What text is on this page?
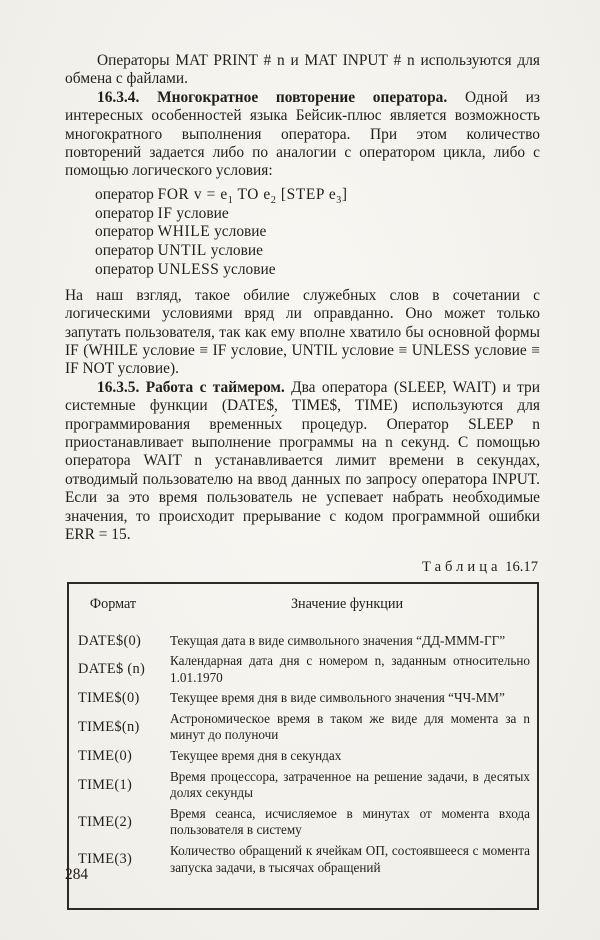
Операторы MAT PRINT # n и MAT INPUT # n используются для обмена с файлами.

16.3.4. Многократное повторение оператора. Одной из интересных особенностей языка Бейсик-плюс является возможность многократного выполнения оператора. При этом количество повторений задается либо по аналогии с оператором цикла, либо с помощью логического условия:

оператор FOR $v = e_1$ TO $e_2$ [STEP $e_3$]
оператор IF условие
оператор WHILE условие
оператор UNTIL условие
оператор UNLESS условие

На наш взгляд, такое обилие служебных слов в сочетании с логическими условиями вряд ли оправданно. Оно может только запутать пользователя, так как ему вполне хватило бы основной формы IF (WHILE условие ≡ IF условие, UNTIL условие ≡ UNLESS условие ≡ IF NOT условие).

16.3.5. Работа с таймером. Два оператора (SLEEP, WAIT) и три системные функции (DATE$, TIME$, TIME) используются для программирования временны́х процедур. Оператор SLEEP n приостанавливает выполнение программы на n секунд. С помощью оператора WAIT n устанавливается лимит времени в секундах, отводимый пользователю на ввод данных по запросу оператора INPUT. Если за это время пользователь не успевает набрать необходимые значения, то происходит прерывание с кодом программной ошибки ERR = 15.

Таблица 16.17
Формат	Значение функции
DATE$(0)	Текущая дата в виде символьного значения “ДД-МММ-ГГ”
DATE$ (n)	Календарная дата дня с номером n, заданным относительно 1.01.1970
TIME$(0)	Текущее время дня в виде символьного значения “ЧЧ-ММ”
TIME$(n)	Астрономическое время в таком же виде для момента за n минут до полуночи
TIME(0)	Текущее время дня в секундах
TIME(1)	Время процессора, затраченное на решение задачи, в десятых долях секунды
TIME(2)	Время сеанса, исчисляемое в минутах от момента входа пользователя в систему
TIME(3)	Количество обращений к ячейкам ОП, состоявшееся с момента запуска задачи, в тысячах обращений
284
